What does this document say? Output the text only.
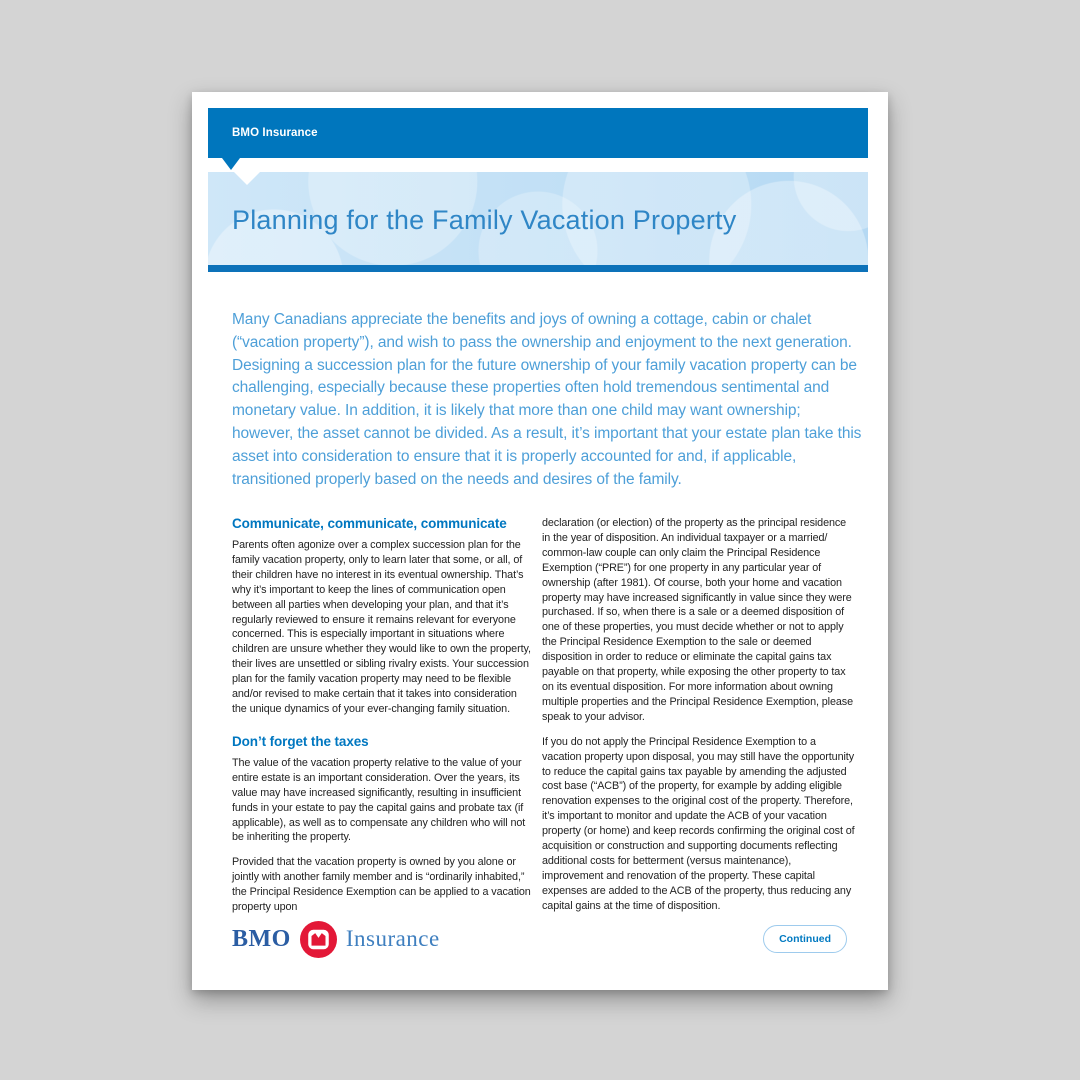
BMO Insurance
Planning for the Family Vacation Property

Many Canadians appreciate the benefits and joys of owning a cottage, cabin or chalet (“vacation property”), and wish to pass the ownership and enjoyment to the next generation. Designing a succession plan for the future ownership of your family vacation property can be challenging, especially because these properties often hold tremendous sentimental and monetary value. In addition, it is likely that more than one child may want ownership; however, the asset cannot be divided. As a result, it’s important that your estate plan take this asset into consideration to ensure that it is properly accounted for and, if applicable, transitioned properly based on the needs and desires of the family.

Communicate, communicate, communicate

Parents often agonize over a complex succession plan for the family vacation property, only to learn later that some, or all, of their children have no interest in its eventual ownership. That’s why it’s important to keep the lines of communication open between all parties when developing your plan, and that it’s regularly reviewed to ensure it remains relevant for everyone concerned. This is especially important in situations where children are unsure whether they would like to own the property, their lives are unsettled or sibling rivalry exists. Your succession plan for the family vacation property may need to be flexible and/or revised to make certain that it takes into consideration the unique dynamics of your ever-changing family situation.

Don’t forget the taxes

The value of the vacation property relative to the value of your entire estate is an important consideration. Over the years, its value may have increased significantly, resulting in insufficient funds in your estate to pay the capital gains and probate tax (if applicable), as well as to compensate any children who will not be inheriting the property.

Provided that the vacation property is owned by you alone or jointly with another family member and is “ordinarily inhabited,” the Principal Residence Exemption can be applied to a vacation property upon

declaration (or election) of the property as the principal residence in the year of disposition. An individual taxpayer or a married/ common-law couple can only claim the Principal Residence Exemption (“PRE”) for one property in any particular year of ownership (after 1981). Of course, both your home and vacation property may have increased significantly in value since they were purchased. If so, when there is a sale or a deemed disposition of one of these properties, you must decide whether or not to apply the Principal Residence Exemption to the sale or deemed disposition in order to reduce or eliminate the capital gains tax payable on that property, while exposing the other property to tax on its eventual disposition. For more information about owning multiple properties and the Principal Residence Exemption, please speak to your advisor.

If you do not apply the Principal Residence Exemption to a vacation property upon disposal, you may still have the opportunity to reduce the capital gains tax payable by amending the adjusted cost base (“ACB”) of the property, for example by adding eligible renovation expenses to the original cost of the property. Therefore, it’s important to monitor and update the ACB of your vacation property (or home) and keep records confirming the original cost of acquisition or construction and supporting documents reflecting additional costs for betterment (versus maintenance), improvement and renovation of the property. These capital expenses are added to the ACB of the property, thus reducing any capital gains at the time of disposition.

BMO Insurance	Continued
